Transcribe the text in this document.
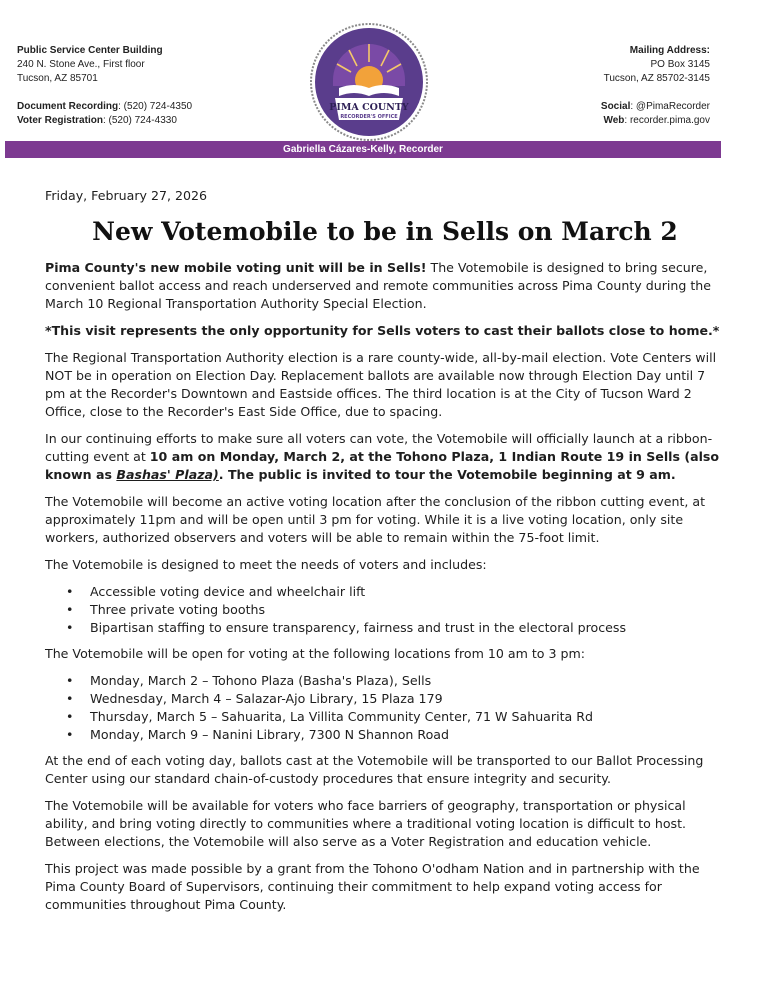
Public Service Center Building
240 N. Stone Ave., First floor
Tucson, AZ 85701
Document Recording: (520) 724-4350
Voter Registration: (520) 724-4330
PIMA COUNTY
RECORDER'S OFFICE
Mailing Address:
PO Box 3145
Tucson, AZ 85702-3145
Social: @PimaRecorder
Web: recorder.pima.gov
Gabriella Cázares-Kelly, Recorder
Friday, February 27, 2026
New Votemobile to be in Sells on March 2

Pima County's new mobile voting unit will be in Sells! The Votemobile is designed to bring secure, convenient ballot access and reach underserved and remote communities across Pima County during the March 10 Regional Transportation Authority Special Election.

*This visit represents the only opportunity for Sells voters to cast their ballots close to home.*

The Regional Transportation Authority election is a rare county-wide, all-by-mail election. Vote Centers will NOT be in operation on Election Day. Replacement ballots are available now through Election Day until 7 pm at the Recorder's Downtown and Eastside offices. The third location is at the City of Tucson Ward 2 Office, close to the Recorder's East Side Office, due to spacing.

In our continuing efforts to make sure all voters can vote, the Votemobile will officially launch at a ribbon-cutting event at 10 am on Monday, March 2, at the Tohono Plaza, 1 Indian Route 19 in Sells (also known as Bashas' Plaza). The public is invited to tour the Votemobile beginning at 9 am.

The Votemobile will become an active voting location after the conclusion of the ribbon cutting event, at approximately 11pm and will be open until 3 pm for voting. While it is a live voting location, only site workers, authorized observers and voters will be able to remain within the 75-foot limit.

The Votemobile is designed to meet the needs of voters and includes:

• Accessible voting device and wheelchair lift
• Three private voting booths
• Bipartisan staffing to ensure transparency, fairness and trust in the electoral process

The Votemobile will be open for voting at the following locations from 10 am to 3 pm:

• Monday, March 2 – Tohono Plaza (Basha's Plaza), Sells
• Wednesday, March 4 – Salazar-Ajo Library, 15 Plaza 179
• Thursday, March 5 – Sahuarita, La Villita Community Center, 71 W Sahuarita Rd
• Monday, March 9 – Nanini Library, 7300 N Shannon Road

At the end of each voting day, ballots cast at the Votemobile will be transported to our Ballot Processing Center using our standard chain-of-custody procedures that ensure integrity and security.

The Votemobile will be available for voters who face barriers of geography, transportation or physical ability, and bring voting directly to communities where a traditional voting location is difficult to host. Between elections, the Votemobile will also serve as a Voter Registration and education vehicle.

This project was made possible by a grant from the Tohono O'odham Nation and in partnership with the Pima County Board of Supervisors, continuing their commitment to help expand voting access for communities throughout Pima County.
